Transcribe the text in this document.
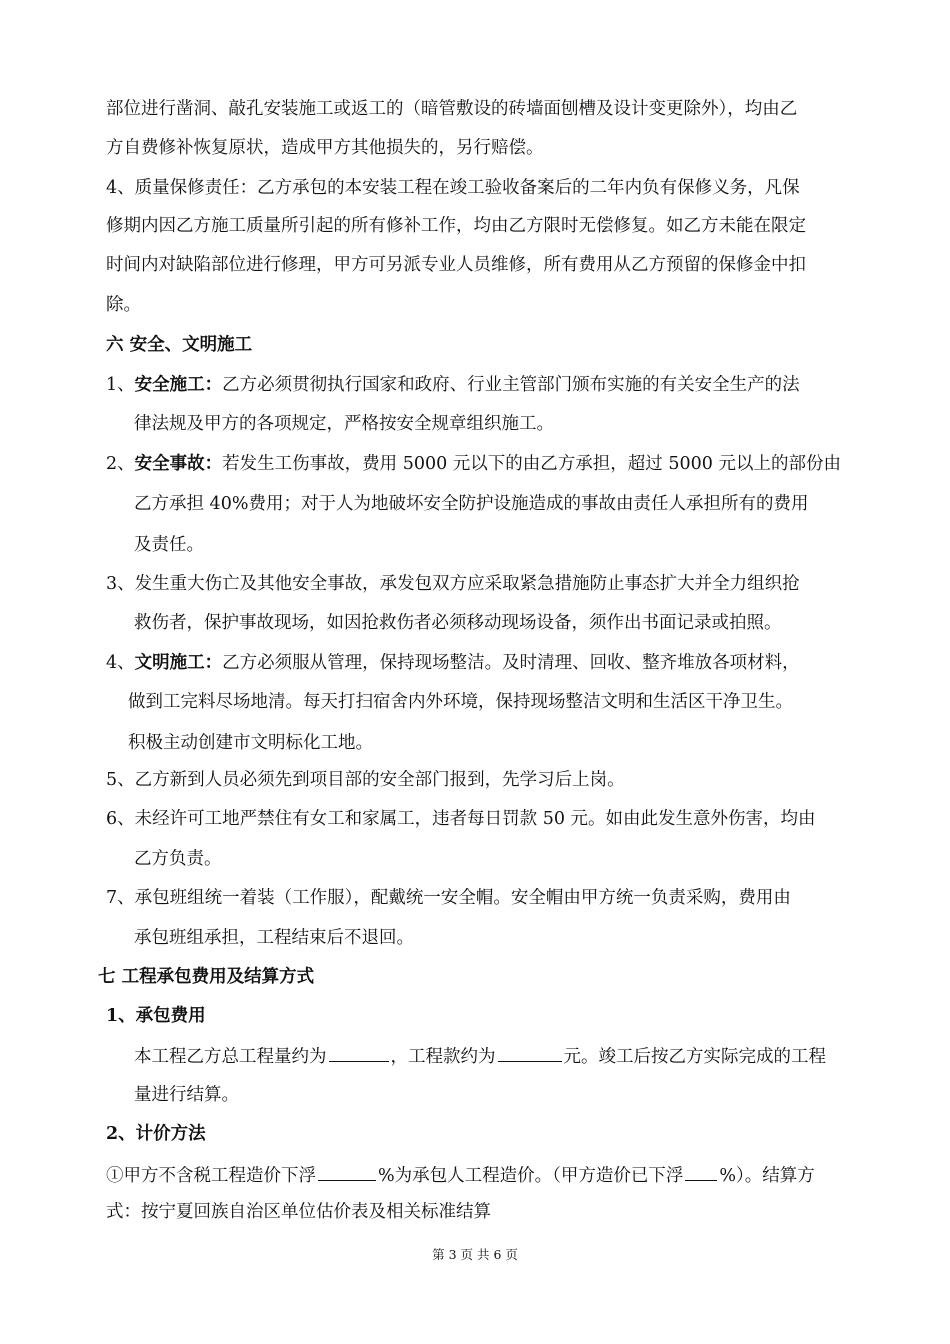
部位进行凿洞、敲孔安装施工或返工的（暗管敷设的砖墙面刨槽及设计变更除外），均由乙
方自费修补恢复原状，造成甲方其他损失的，另行赔偿。
4、质量保修责任：乙方承包的本安装工程在竣工验收备案后的二年内负有保修义务，凡保
修期内因乙方施工质量所引起的所有修补工作，均由乙方限时无偿修复。如乙方未能在限定
时间内对缺陷部位进行修理，甲方可另派专业人员维修，所有费用从乙方预留的保修金中扣
除。
六 安全、文明施工
1、安全施工：乙方必须贯彻执行国家和政府、行业主管部门颁布实施的有关安全生产的法
律法规及甲方的各项规定，严格按安全规章组织施工。
2、安全事故：若发生工伤事故，费用 5000 元以下的由乙方承担，超过 5000 元以上的部份由
乙方承担 40%费用；对于人为地破坏安全防护设施造成的事故由责任人承担所有的费用
及责任。
3、发生重大伤亡及其他安全事故，承发包双方应采取紧急措施防止事态扩大并全力组织抢
救伤者，保护事故现场，如因抢救伤者必须移动现场设备，须作出书面记录或拍照。
4、文明施工：乙方必须服从管理，保持现场整洁。及时清理、回收、整齐堆放各项材料，
做到工完料尽场地清。每天打扫宿舍内外环境，保持现场整洁文明和生活区干净卫生。
积极主动创建市文明标化工地。
5、乙方新到人员必须先到项目部的安全部门报到，先学习后上岗。
6、未经许可工地严禁住有女工和家属工，违者每日罚款 50 元。如由此发生意外伤害，均由
乙方负责。
7、承包班组统一着装（工作服），配戴统一安全帽。安全帽由甲方统一负责采购，费用由
承包班组承担，工程结束后不退回。
七 工程承包费用及结算方式
1、承包费用
本工程乙方总工程量约为	，工程款约为	元。竣工后按乙方实际完成的工程
量进行结算。
2、计价方法
①甲方不含税工程造价下浮	%为承包人工程造价。（甲方造价已下浮 %）。结算方
式：按宁夏回族自治区单位估价表及相关标准结算
第 3 页 共 6 页
